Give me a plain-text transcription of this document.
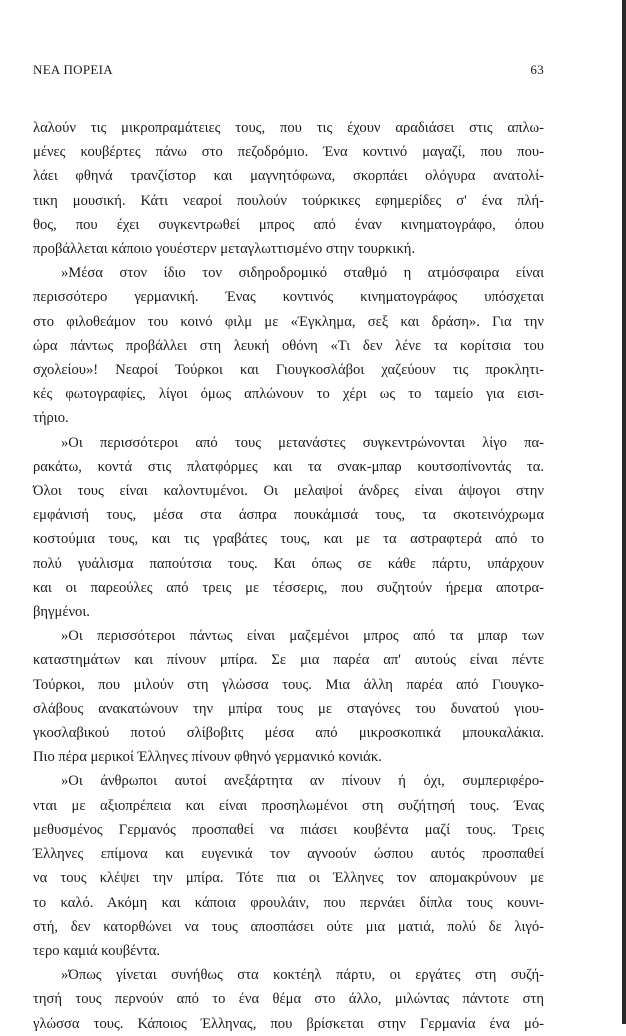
ΝΕΑ ΠΟΡΕΙΑ	63
λαλούν τις μικροπραμάτειες τους, που τις έχουν αραδιάσει στις απλω-
μένες κουβέρτες πάνω στο πεζοδρόμιο. Ένα κοντινό μαγαζί, που που-
λάει φθηνά τρανζίστορ και μαγνητόφωνα, σκορπάει ολόγυρα ανατολί-
τικη μουσική. Κάτι νεαροί πουλούν τούρκικες εφημερίδες σ' ένα πλή-
θος, που έχει συγκεντρωθεί μπρος από έναν κινηματογράφο, όπου
προβάλλεται κάποιο γουέστερν μεταγλωττισμένο στην τουρκική.
»Μέσα στον ίδιο τον σιδηροδρομικό σταθμό η ατμόσφαιρα είναι
περισσότερο γερμανική. Ένας κοντινός κινηματογράφος υπόσχεται
στο φιλοθεάμον του κοινό φιλμ με «Έγκλημα, σεξ και δράση». Για την
ώρα πάντως προβάλλει στη λευκή οθόνη «Τι δεν λένε τα κορίτσια του
σχολείου»! Νεαροί Τούρκοι και Γιουγκοσλάβοι χαζεύουν τις προκλητι-
κές φωτογραφίες, λίγοι όμως απλώνουν το χέρι ως το ταμείο για εισι-
τήριο.
»Οι περισσότεροι από τους μετανάστες συγκεντρώνονται λίγο πα-
ρακάτω, κοντά στις πλατφόρμες και τα σνακ-μπαρ κουτσοπίνοντάς τα.
Όλοι τους είναι καλοντυμένοι. Οι μελαψοί άνδρες είναι άψογοι στην
εμφάνισή τους, μέσα στα άσπρα πουκάμισά τους, τα σκοτεινόχρωμα
κοστούμια τους, και τις γραβάτες τους, και με τα αστραφτερά από το
πολύ γυάλισμα παπούτσια τους. Και όπως σε κάθε πάρτυ, υπάρχουν
και οι παρεούλες από τρεις με τέσσερις, που συζητούν ήρεμα αποτρα-
βηγμένοι.
»Οι περισσότεροι πάντως είναι μαζεμένοι μπρος από τα μπαρ των
καταστημάτων και πίνουν μπίρα. Σε μια παρέα απ' αυτούς είναι πέντε
Τούρκοι, που μιλούν στη γλώσσα τους. Μια άλλη παρέα από Γιουγκο-
σλάβους ανακατώνουν την μπίρα τους με σταγόνες του δυνατού γιου-
γκοσλαβικού ποτού σλίβοβιτς μέσα από μικροσκοπικά μπουκαλάκια.
Πιο πέρα μερικοί Έλληνες πίνουν φθηνό γερμανικό κονιάκ.
»Οι άνθρωποι αυτοί ανεξάρτητα αν πίνουν ή όχι, συμπεριφέρο-
νται με αξιοπρέπεια και είναι προσηλωμένοι στη συζήτησή τους. Ένας
μεθυσμένος Γερμανός προσπαθεί να πιάσει κουβέντα μαζί τους. Τρεις
Έλληνες επίμονα και ευγενικά τον αγνοούν ώσπου αυτός προσπαθεί
να τους κλέψει την μπίρα. Τότε πια οι Έλληνες τον απομακρύνουν με
το καλό. Ακόμη και κάποια φρουλάιν, που περνάει δίπλα τους κουνι-
στή, δεν κατορθώνει να τους αποσπάσει ούτε μια ματιά, πολύ δε λιγό-
τερο καμιά κουβέντα.
»Όπως γίνεται συνήθως στα κοκτέηλ πάρτυ, οι εργάτες στη συζή-
τησή τους περνούν από το ένα θέμα στο άλλο, μιλώντας πάντοτε στη
γλώσσα τους. Κάποιος Έλληνας, που βρίσκεται στην Γερμανία ένα μό-
